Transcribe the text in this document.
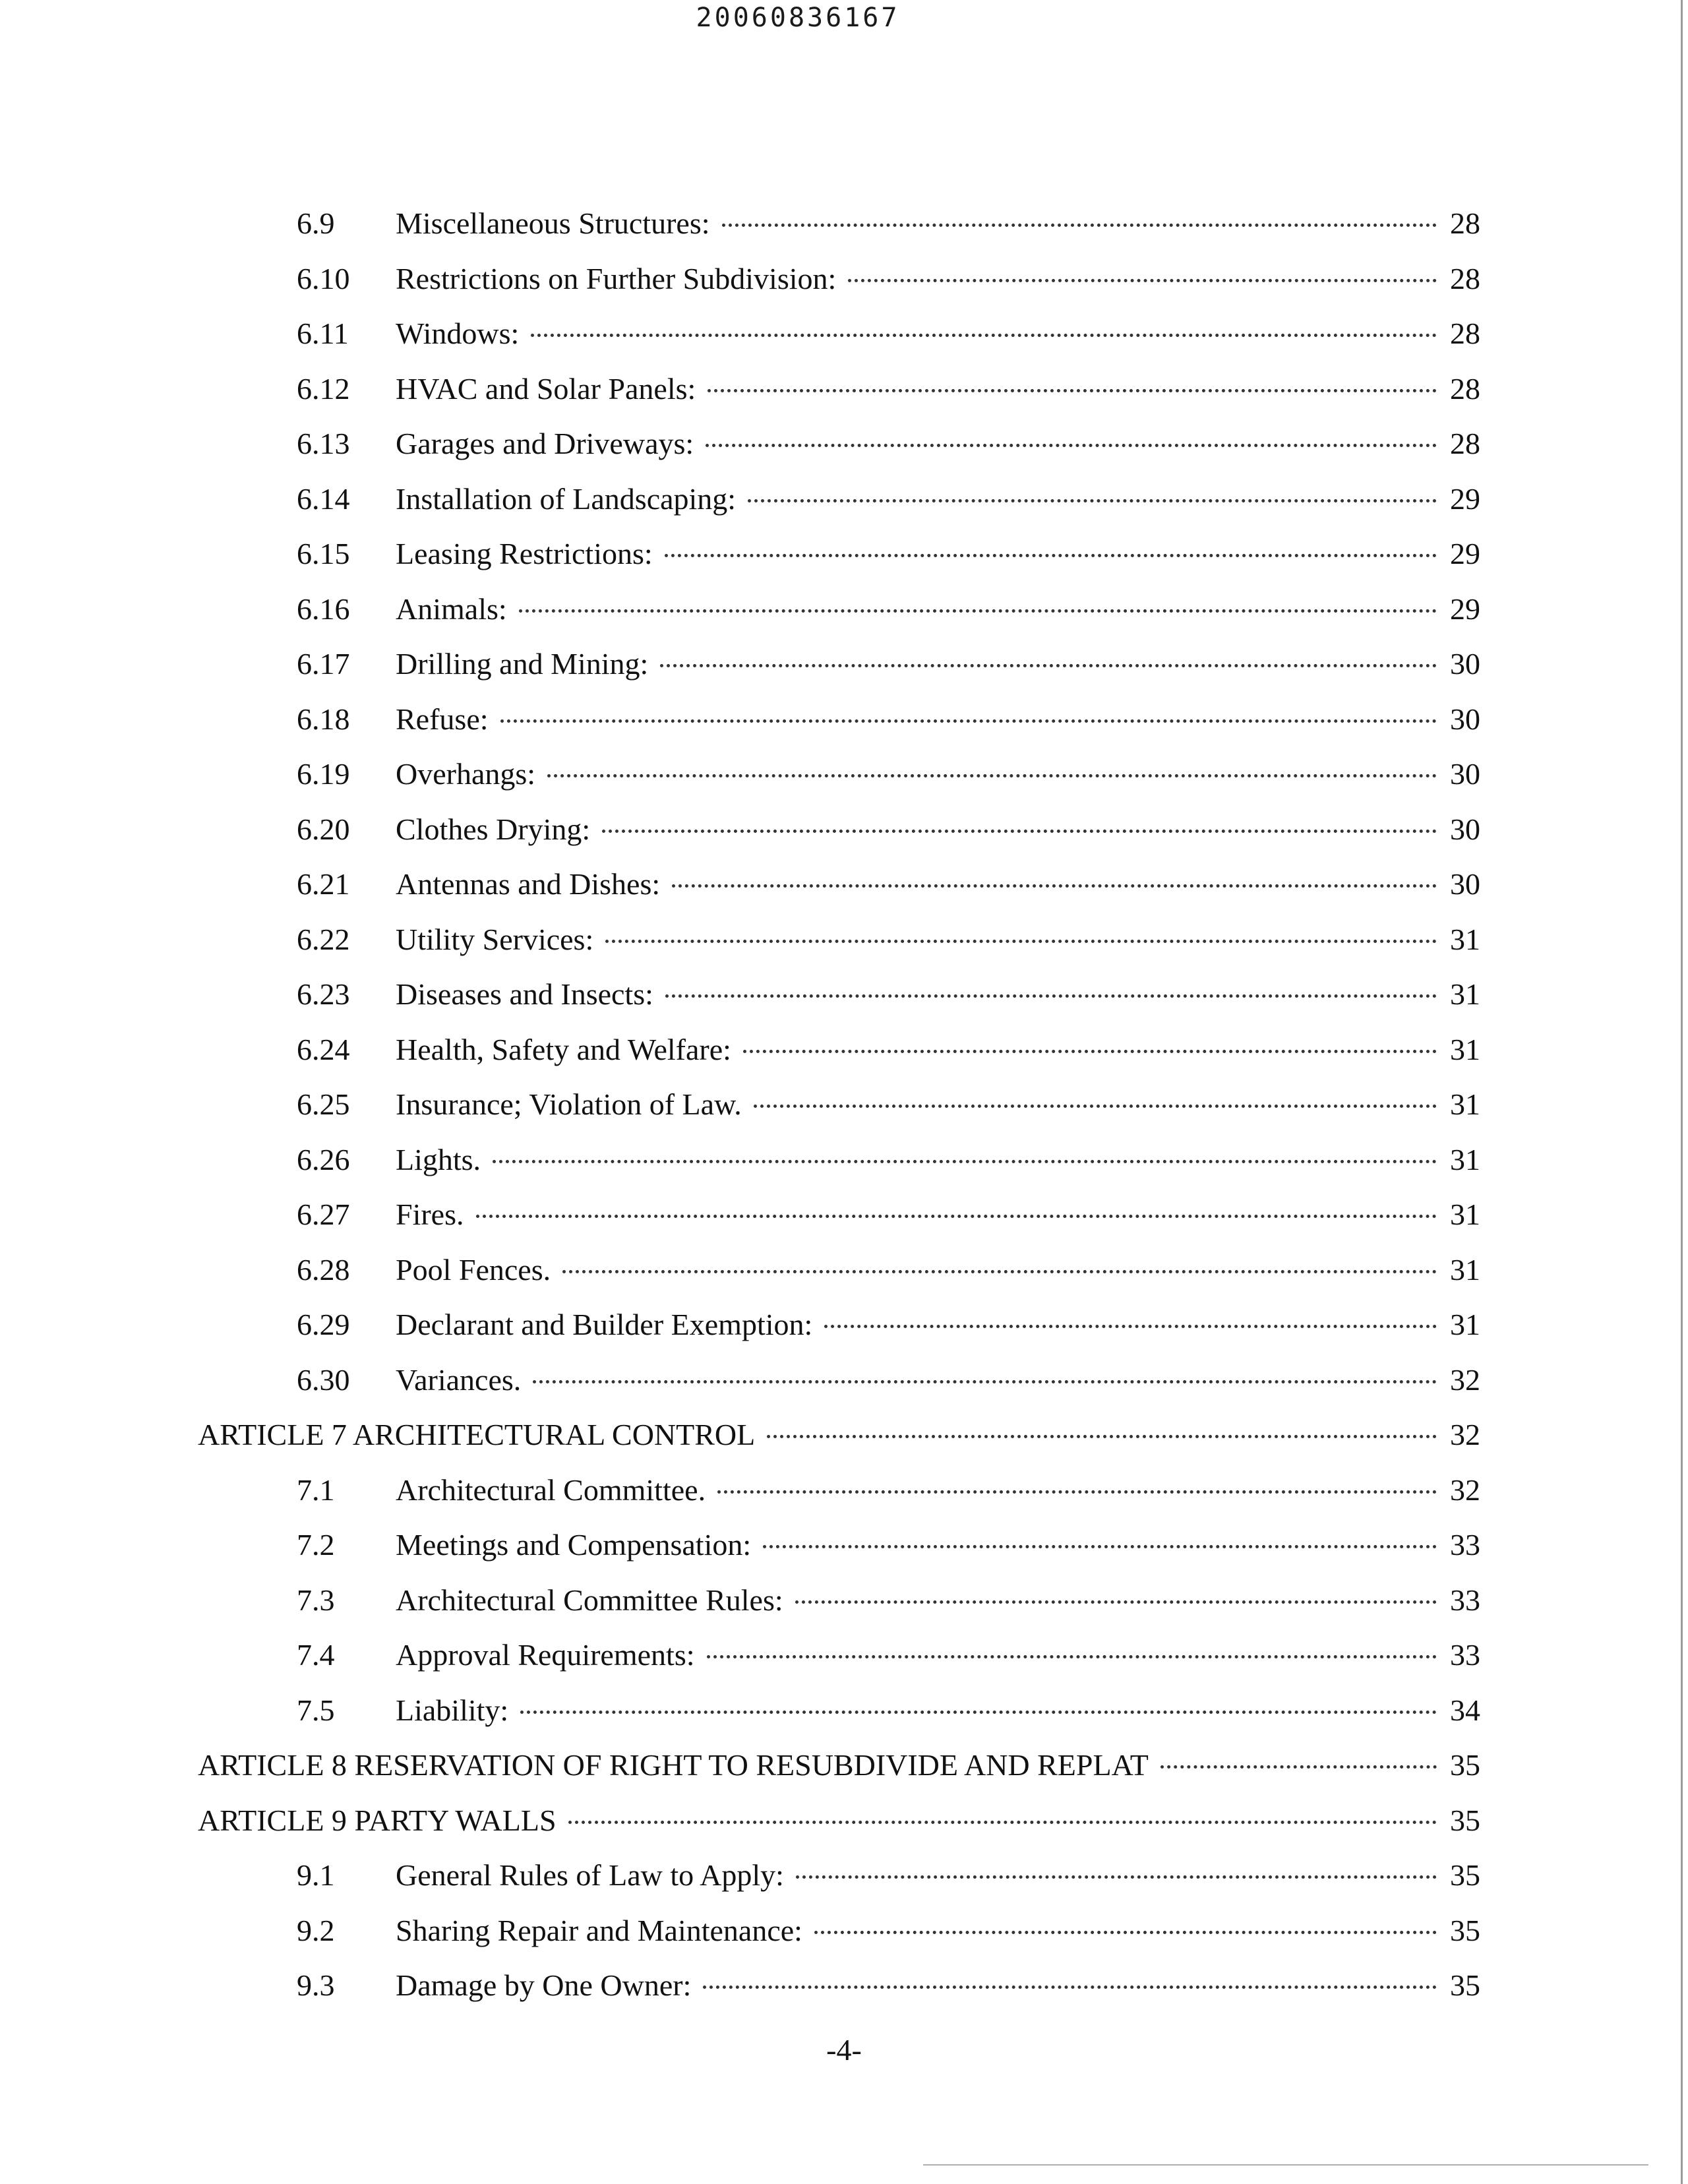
20060836167
6.9 Miscellaneous Structures:	28
6.10 Restrictions on Further Subdivision:	28
6.11 Windows:	28
6.12 HVAC and Solar Panels:	28
6.13 Garages and Driveways:	28
6.14 Installation of Landscaping:	29
6.15 Leasing Restrictions:	29
6.16 Animals:	29
6.17 Drilling and Mining:	30
6.18 Refuse:	30
6.19 Overhangs:	30
6.20 Clothes Drying:	30
6.21 Antennas and Dishes:	30
6.22 Utility Services:	31
6.23 Diseases and Insects:	31
6.24 Health, Safety and Welfare:	31
6.25 Insurance; Violation of Law.	31
6.26 Lights.	31
6.27 Fires.	31
6.28 Pool Fences.	31
6.29 Declarant and Builder Exemption:	31
6.30 Variances.	32
ARTICLE 7 ARCHITECTURAL CONTROL	32
7.1 Architectural Committee.	32
7.2 Meetings and Compensation:	33
7.3 Architectural Committee Rules:	33
7.4 Approval Requirements:	33
7.5 Liability:	34
ARTICLE 8 RESERVATION OF RIGHT TO RESUBDIVIDE AND REPLAT	35
ARTICLE 9 PARTY WALLS	35
9.1 General Rules of Law to Apply:	35
9.2 Sharing Repair and Maintenance:	35
9.3 Damage by One Owner:	35
-4-
